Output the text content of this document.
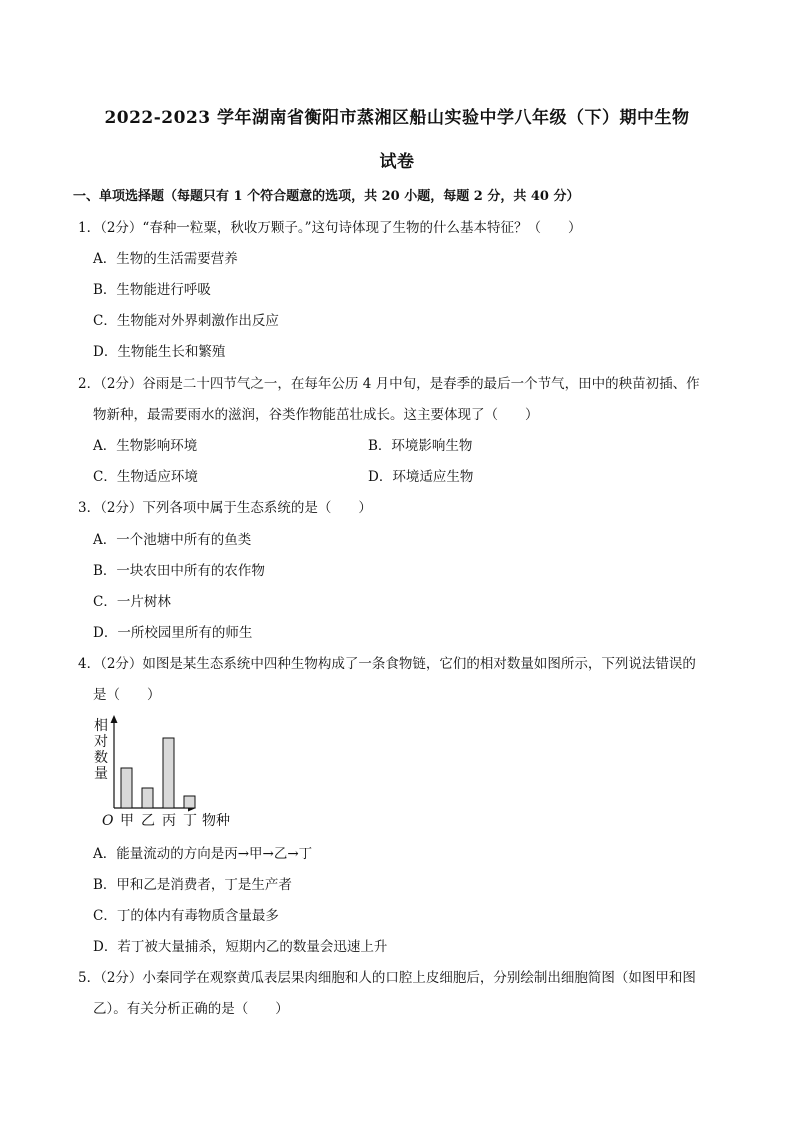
2022-2023 学年湖南省衡阳市蒸湘区船山实验中学八年级（下）期中生物
试卷
一、单项选择题（每题只有 1 个符合题意的选项，共 20 小题，每题 2 分，共 40 分）
1．（2分）“春种一粒粟，秋收万颗子。”这句诗体现了生物的什么基本特征？（　　）
A．生物的生活需要营养
B．生物能进行呼吸
C．生物能对外界刺激作出反应
D．生物能生长和繁殖
2．（2分）谷雨是二十四节气之一，在每年公历 4 月中旬，是春季的最后一个节气，田中的秧苗初插、作
物新种，最需要雨水的滋润，谷类作物能茁壮成长。这主要体现了（　　）
A．生物影响环境	B．环境影响生物
C．生物适应环境	D．环境适应生物
3．（2分）下列各项中属于生态系统的是（　　）
A．一个池塘中所有的鱼类
B．一块农田中所有的农作物
C．一片树林
D．一所校园里所有的师生
4．（2分）如图是某生态系统中四种生物构成了一条食物链，它们的相对数量如图所示，下列说法错误的
是（　　）
相对数量
O 甲 乙 丙 丁 物种
A．能量流动的方向是丙→甲→乙→丁
B．甲和乙是消费者，丁是生产者
C．丁的体内有毒物质含量最多
D．若丁被大量捕杀，短期内乙的数量会迅速上升
5．（2分）小秦同学在观察黄瓜表层果肉细胞和人的口腔上皮细胞后，分别绘制出细胞简图（如图甲和图
乙）。有关分析正确的是（　　）
